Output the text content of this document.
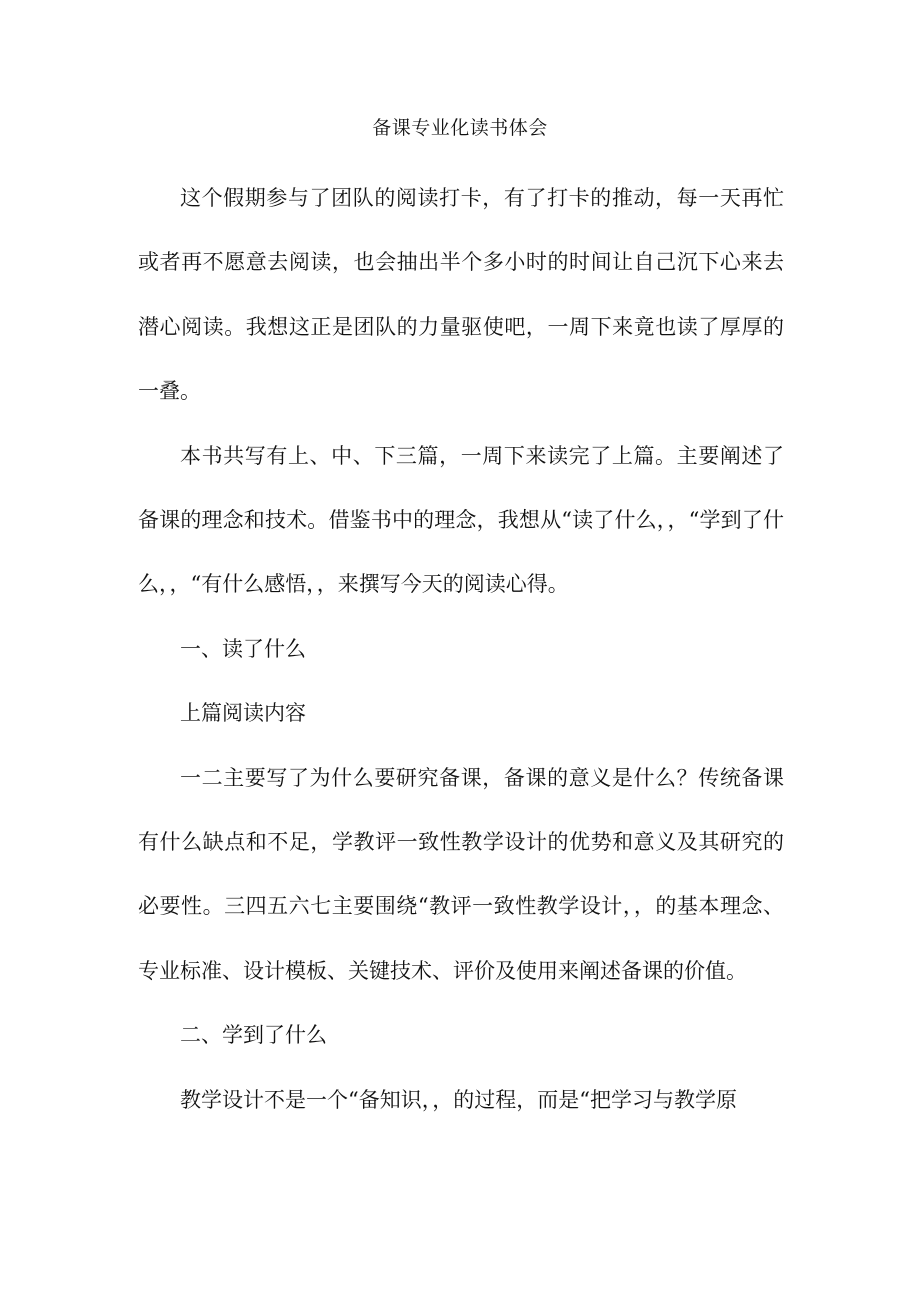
备课专业化读书体会

这个假期参与了团队的阅读打卡，有了打卡的推动，每一天再忙或者再不愿意去阅读，也会抽出半个多小时的时间让自己沉下心来去潜心阅读。我想这正是团队的力量驱使吧，一周下来竟也读了厚厚的一叠。

本书共写有上、中、下三篇，一周下来读完了上篇。主要阐述了备课的理念和技术。借鉴书中的理念，我想从“读了什么，，“学到了什么，，“有什么感悟，，来撰写今天的阅读心得。

一、读了什么

上篇阅读内容

一二主要写了为什么要研究备课，备课的意义是什么？传统备课有什么缺点和不足，学教评一致性教学设计的优势和意义及其研究的必要性。三四五六七主要围绕“教评一致性教学设计，，的基本理念、专业标准、设计模板、关键技术、评价及使用来阐述备课的价值。

二、学到了什么

教学设计不是一个“备知识，，的过程，而是“把学习与教学原
